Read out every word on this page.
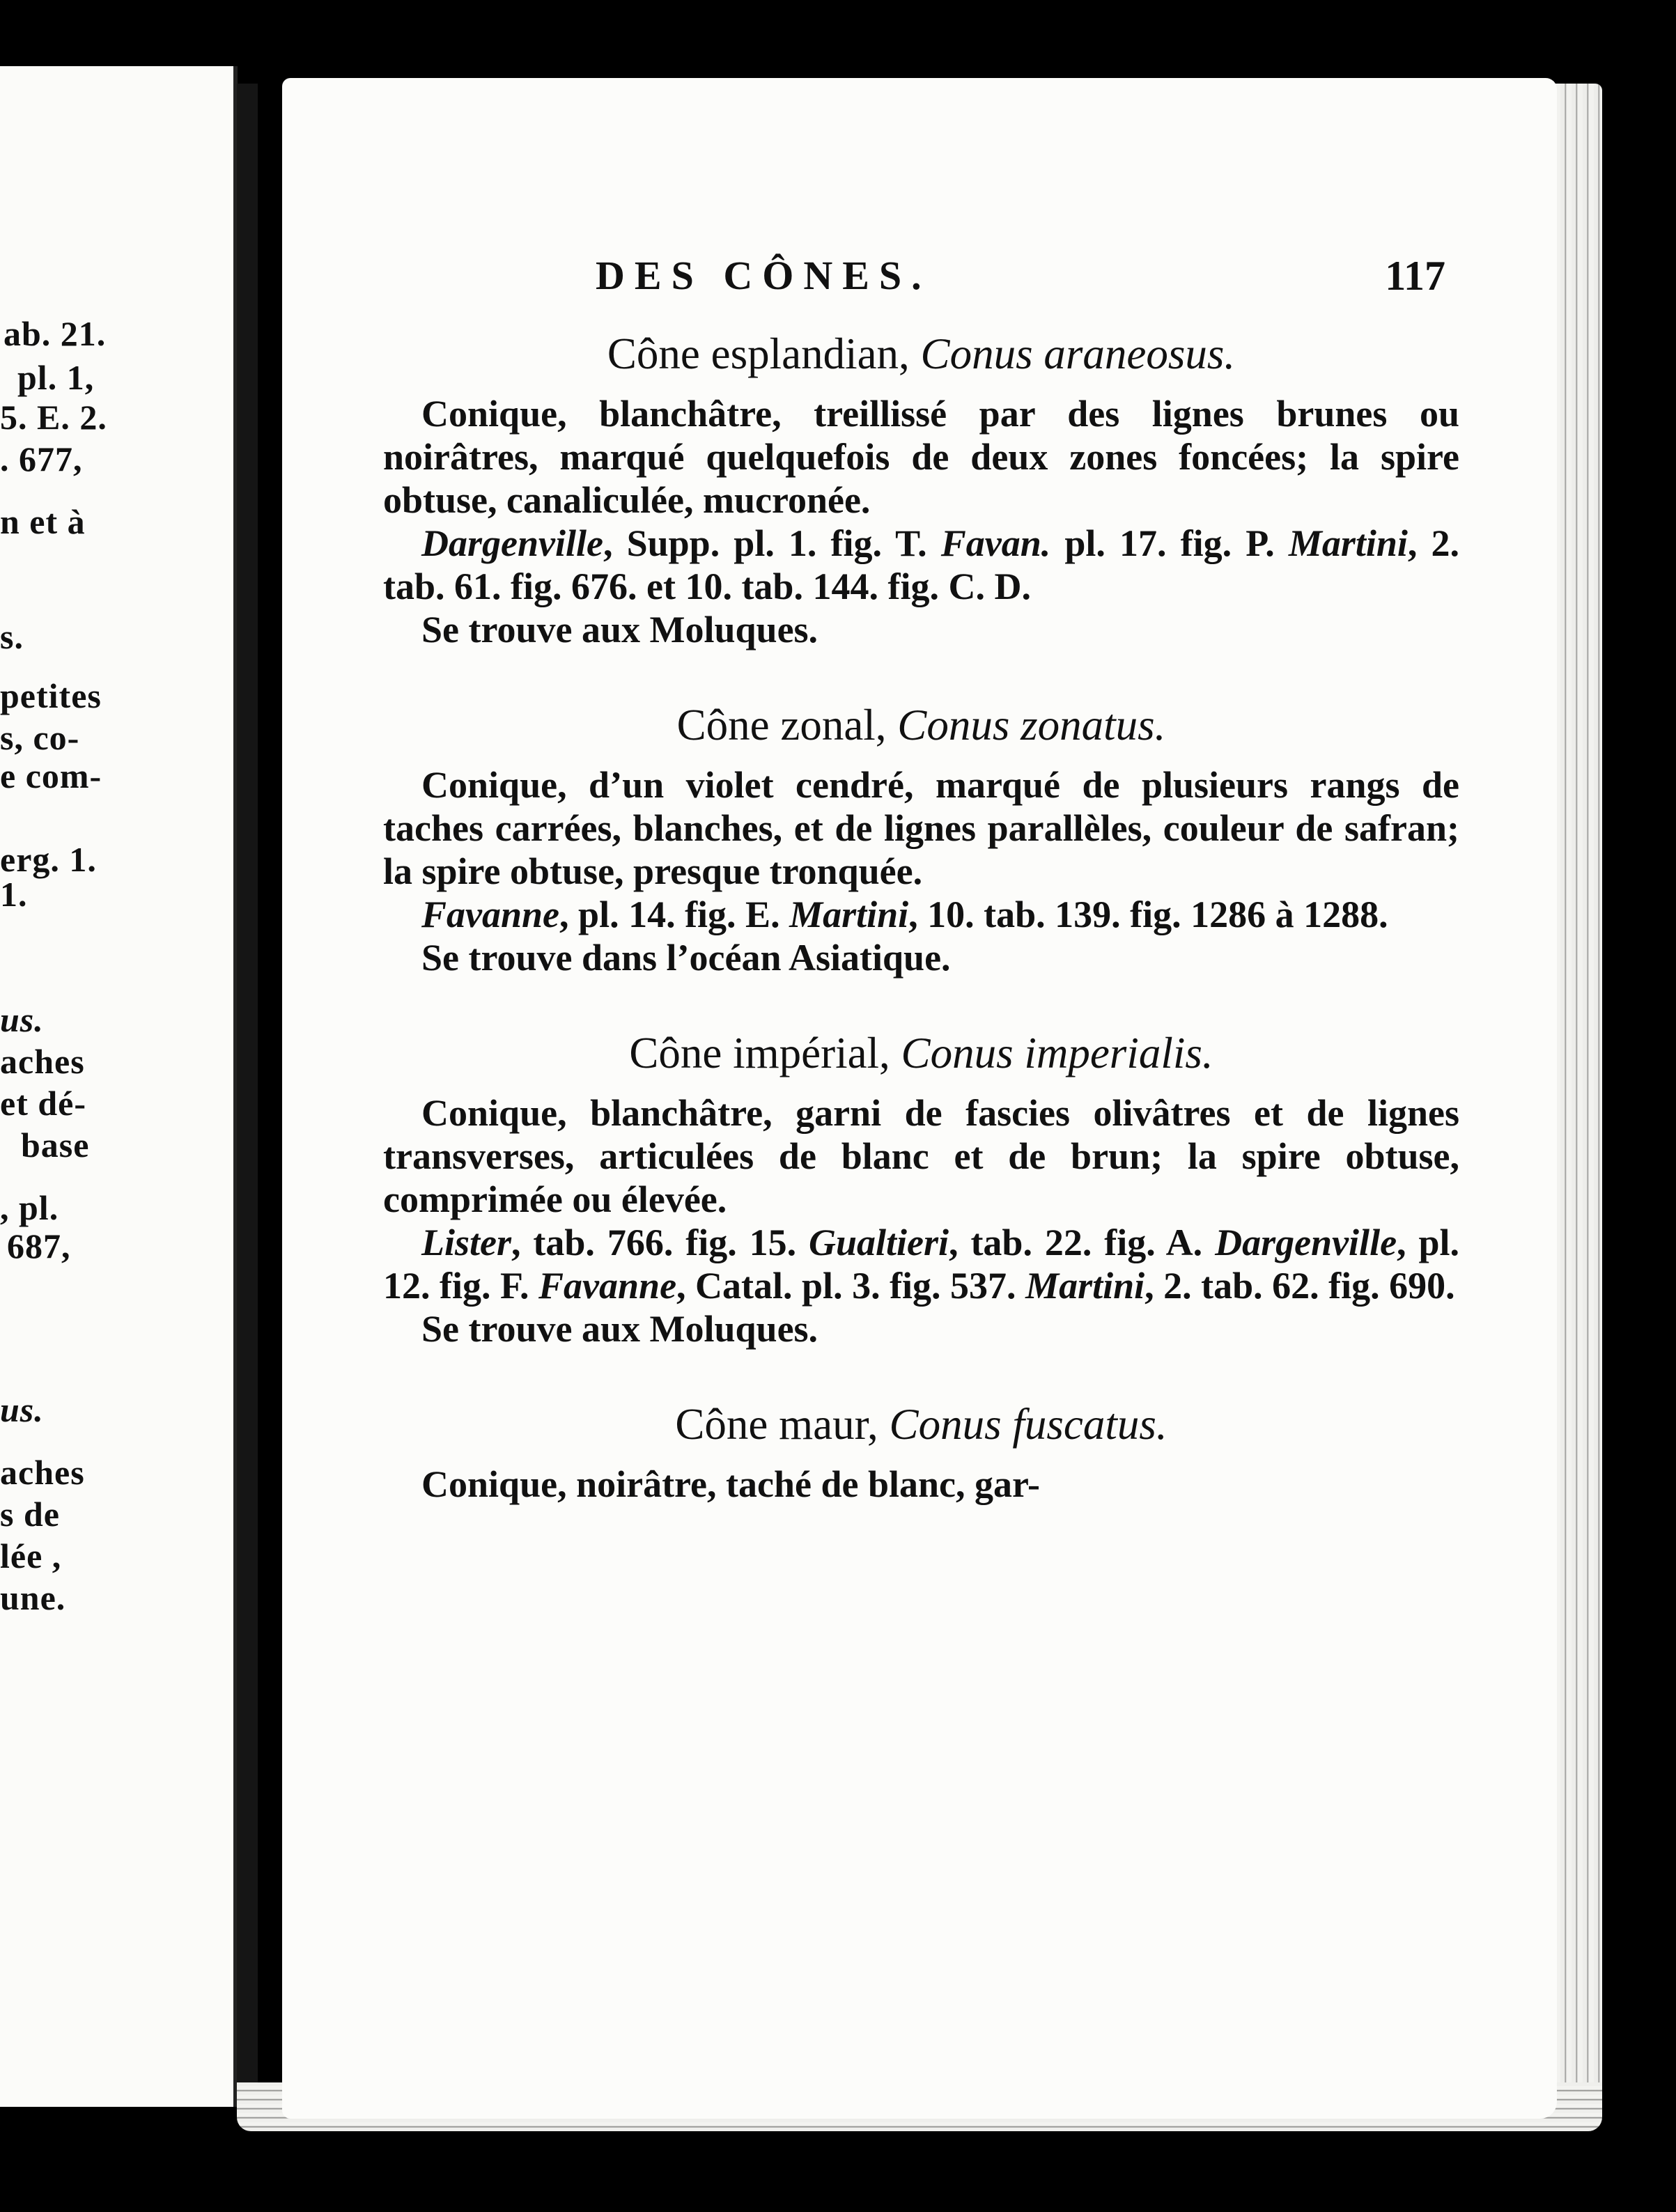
ab. 21.
pl. 1,
5. E. 2.
. 677,
n et à
s.
petites
s, co-
e com-
erg. 1.
1.
us.
aches
et dé-
base
, pl.
687,
us.
aches
s de
lée ,
une.
DES CÔNES.	117
Cône esplandian, Conus araneosus.

Conique, blanchâtre, treillissé par des lignes brunes ou noirâtres, marqué quelquefois de deux zones foncées; la spire obtuse, canaliculée, mucronée.

Dargenville, Supp. pl. 1. fig. T. Favan. pl. 17. fig. P. Martini, 2. tab. 61. fig. 676. et 10. tab. 144. fig. C. D.

Se trouve aux Moluques.

Cône zonal, Conus zonatus.

Conique, d’un violet cendré, marqué de plusieurs rangs de taches carrées, blanches, et de lignes parallèles, couleur de safran; la spire obtuse, presque tronquée.

Favanne, pl. 14. fig. E. Martini, 10. tab. 139. fig. 1286 à 1288.

Se trouve dans l’océan Asiatique.

Cône impérial, Conus imperialis.

Conique, blanchâtre, garni de fascies olivâtres et de lignes transverses, articulées de blanc et de brun; la spire obtuse, comprimée ou élevée.

Lister, tab. 766. fig. 15. Gualtieri, tab. 22. fig. A. Dargenville, pl. 12. fig. F. Favanne, Catal. pl. 3. fig. 537. Martini, 2. tab. 62. fig. 690.

Se trouve aux Moluques.

Cône maur, Conus fuscatus.

Conique, noirâtre, taché de blanc, gar-
